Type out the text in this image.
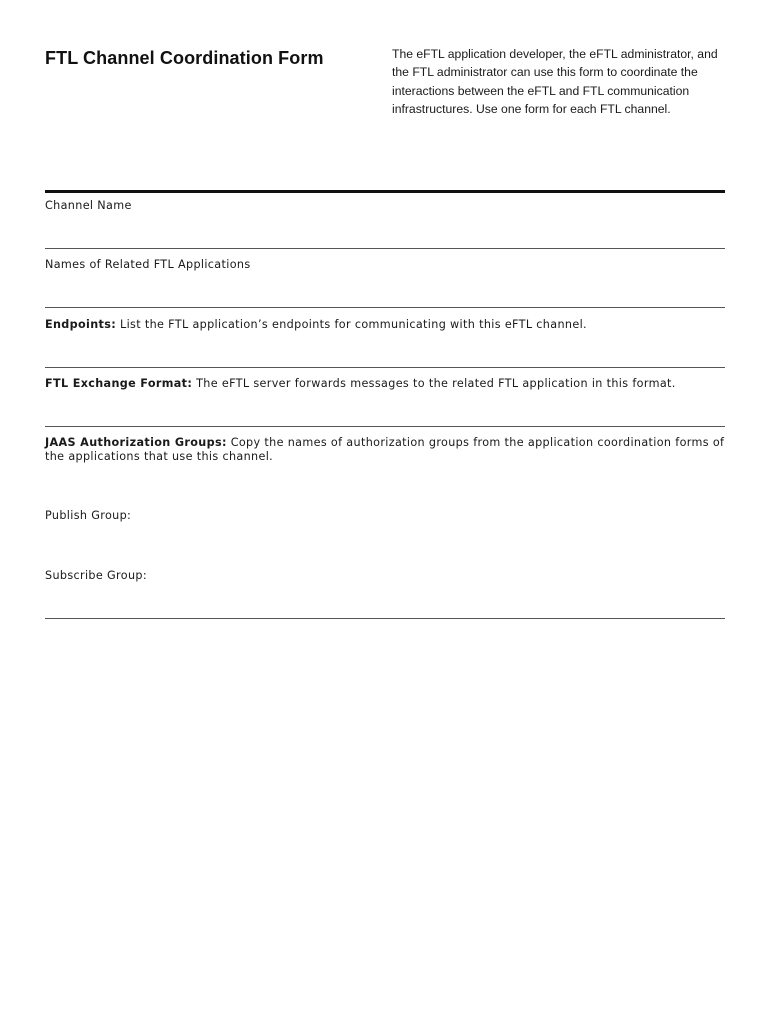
FTL Channel Coordination Form	The eFTL application developer, the eFTL administrator, and the FTL administrator can use this form to coordinate the interactions between the eFTL and FTL communication infrastructures. Use one form for each FTL channel.

Channel Name
Names of Related FTL Applications
Endpoints: List the FTL application’s endpoints for communicating with this eFTL channel.
FTL Exchange Format: The eFTL server forwards messages to the related FTL application in this format.
JAAS Authorization Groups: Copy the names of authorization groups from the application coordination forms of the applications that use this channel.
Publish Group:
Subscribe Group:
